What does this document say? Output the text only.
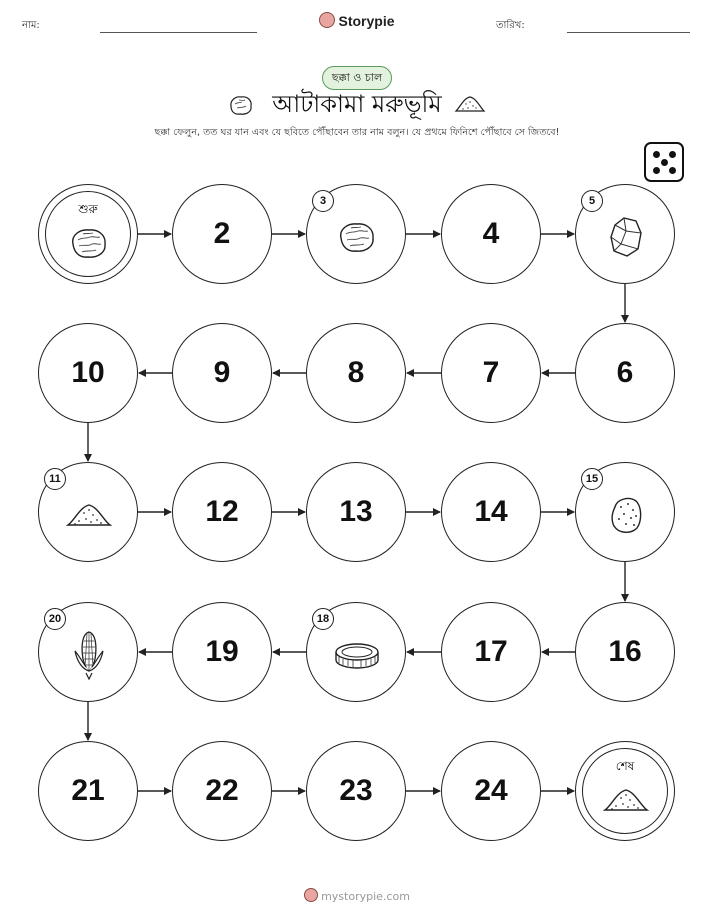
নাম:	Storypie	তারিখ:
ছক্কা ও চাল
আটাকামা মরুভূমি
ছক্কা ফেলুন, তত ঘর যান এবং যে ছবিতে পৌঁছাবেন তার নাম বলুন। যে প্রথমে ফিনিশে পৌঁছাবে সে জিতবে!
শুরু
2
3
4
5
6
7
8
9
10
11
12	13	14
15
16
17
18
19
20
21	22	23	24
শেষ
mystorypie.com
